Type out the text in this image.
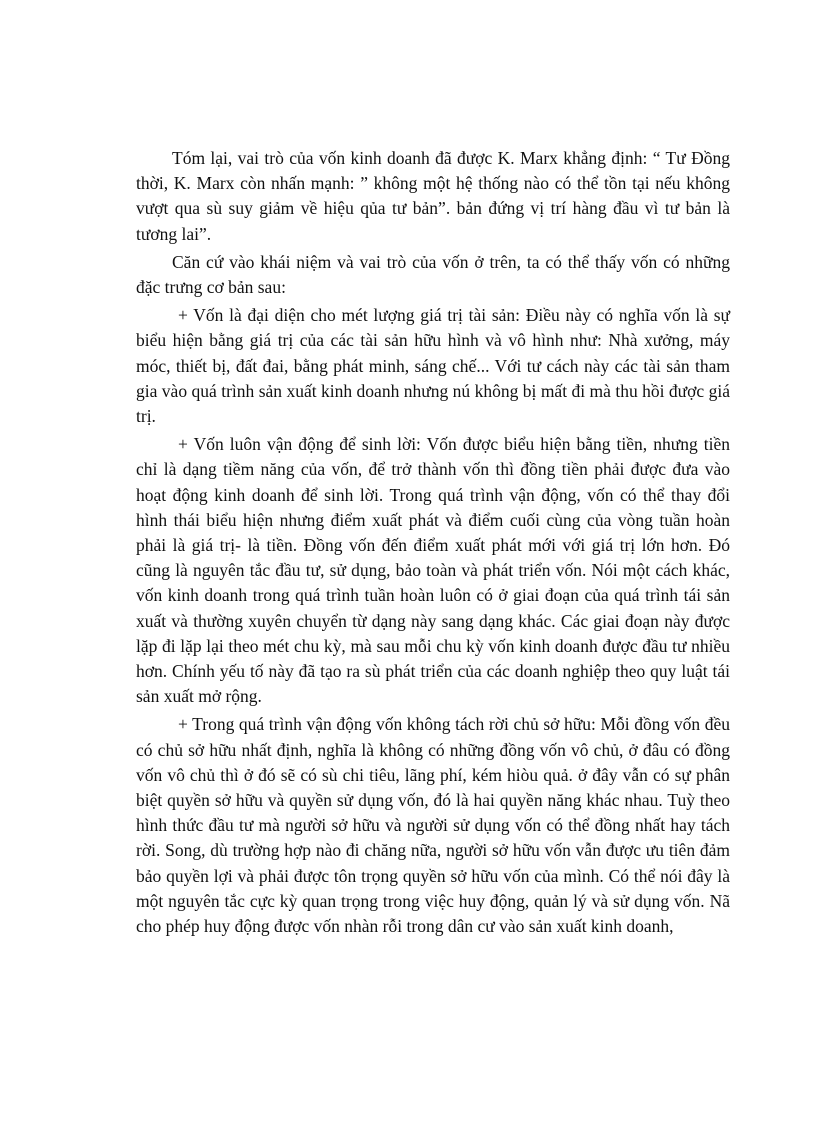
Tóm lại, vai trò của vốn kinh doanh đã được K. Marx khẳng định: “ Tư Đồng thời, K. Marx còn nhấn mạnh: ” không một hệ thống nào có thể tồn tại nếu không vượt qua sù suy giảm về hiệu qủa tư bản”. bản đứng vị trí hàng đầu vì tư bản là tương lai”.

Căn cứ vào khái niệm và vai trò của vốn ở trên, ta có thể thấy vốn có những đặc trưng cơ bản sau:

+ Vốn là đại diện cho mét lượng giá trị tài sản: Điều này có nghĩa vốn là sự biểu hiện bằng giá trị của các tài sản hữu hình và vô hình như: Nhà xưởng, máy móc, thiết bị, đất đai, bằng phát minh, sáng chế... Với tư cách này các tài sản tham gia vào quá trình sản xuất kinh doanh nhưng nú không bị mất đi mà thu hồi được giá trị.

+ Vốn luôn vận động để sinh lời: Vốn được biểu hiện bằng tiền, nhưng tiền chỉ là dạng tiềm năng của vốn, để trở thành vốn thì đồng tiền phải được đưa vào hoạt động kinh doanh để sinh lời. Trong quá trình vận động, vốn có thể thay đổi hình thái biểu hiện nhưng điểm xuất phát và điểm cuối cùng của vòng tuần hoàn phải là giá trị- là tiền. Đồng vốn đến điểm xuất phát mới với giá trị lớn hơn. Đó cũng là nguyên tắc đầu tư, sử dụng, bảo toàn và phát triển vốn. Nói một cách khác, vốn kinh doanh trong quá trình tuần hoàn luôn có ở giai đoạn của quá trình tái sản xuất và thường xuyên chuyển từ dạng này sang dạng khác. Các giai đoạn này được lặp đi lặp lại theo mét chu kỳ, mà sau mỗi chu kỳ vốn kinh doanh được đầu tư nhiều hơn. Chính yếu tố này đã tạo ra sù phát triển của các doanh nghiệp theo quy luật tái sản xuất mở rộng.

+ Trong quá trình vận động vốn không tách rời chủ sở hữu: Mỗi đồng vốn đều có chủ sở hữu nhất định, nghĩa là không có những đồng vốn vô chủ, ở đâu có đồng vốn vô chủ thì ở đó sẽ có sù chi tiêu, lãng phí, kém hiòu quả. ở đây vẫn có sự phân biệt quyền sở hữu và quyền sử dụng vốn, đó là hai quyền năng khác nhau. Tuỳ theo hình thức đầu tư mà người sở hữu và người sử dụng vốn có thể đồng nhất hay tách rời. Song, dù trường hợp nào đi chăng nữa, người sở hữu vốn vẫn được ưu tiên đảm bảo quyền lợi và phải được tôn trọng quyền sở hữu vốn của mình. Có thể nói đây là một nguyên tắc cực kỳ quan trọng trong việc huy động, quản lý và sử dụng vốn. Nã cho phép huy động được vốn nhàn rỗi trong dân cư vào sản xuất kinh doanh,
